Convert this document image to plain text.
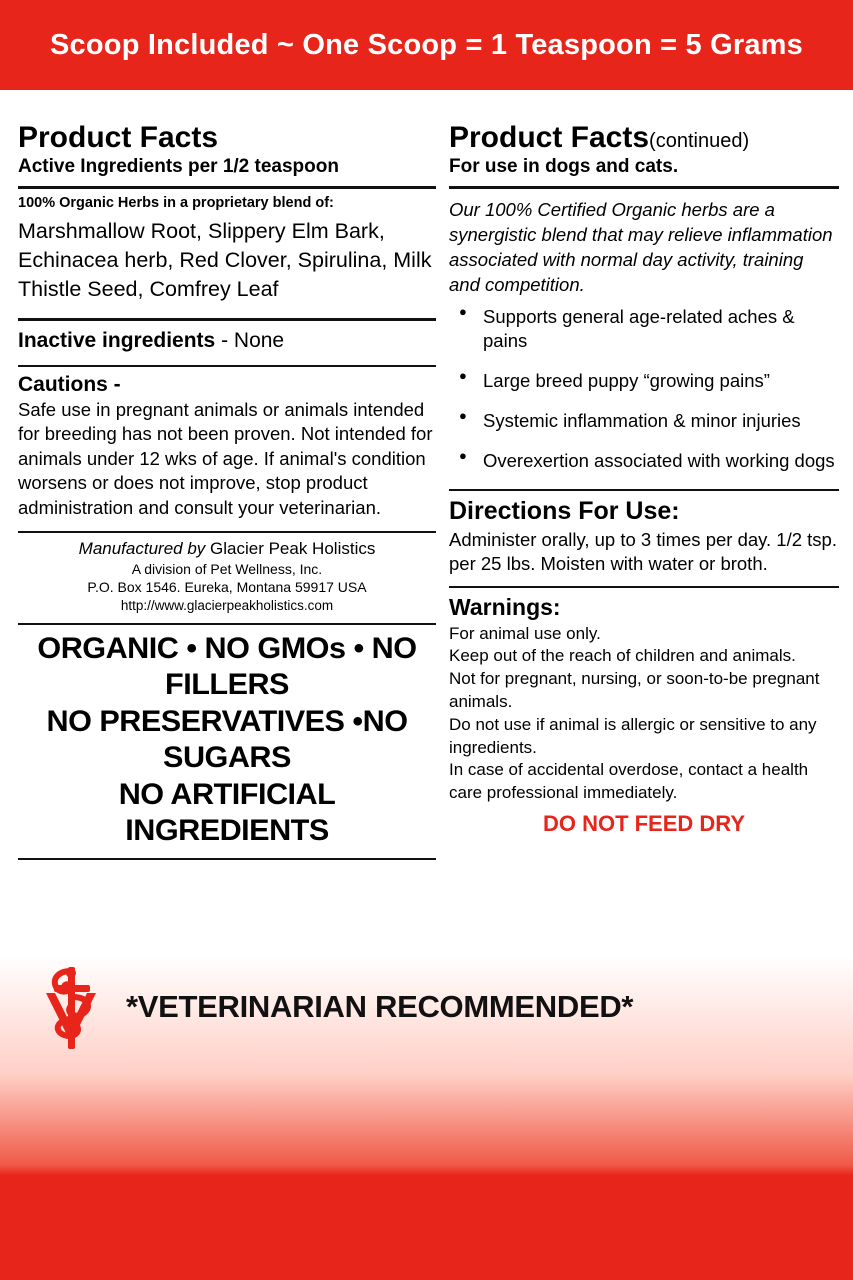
Scoop Included ~ One Scoop = 1 Teaspoon = 5 Grams
Product Facts
Active Ingredients per 1/2 teaspoon
100% Organic Herbs in a proprietary blend of:
Marshmallow Root, Slippery Elm Bark, Echinacea herb, Red Clover, Spirulina, Milk Thistle Seed, Comfrey Leaf
Inactive ingredients - None
Cautions -
Safe use in pregnant animals or animals intended for breeding has not been proven. Not intended for animals under 12 wks of age. If animal's condition worsens or does not improve, stop product administration and consult your veterinarian.
Manufactured by Glacier Peak Holistics
A division of Pet Wellness, Inc.
P.O. Box 1546. Eureka, Montana 59917 USA
http://www.glacierpeakholistics.com
ORGANIC • NO GMOs • NO FILLERS
NO PRESERVATIVES •NO SUGARS
NO ARTIFICIAL INGREDIENTS
Product Facts(continued)
For use in dogs and cats.
Our 100% Certified Organic herbs are a synergistic blend that may relieve inflammation associated with normal day activity, training and competition.
● Supports general age-related aches & pains
● Large breed puppy “growing pains”
● Systemic inflammation & minor injuries
● Overexertion associated with working dogs
Directions For Use:
Administer orally, up to 3 times per day. 1/2 tsp. per 25 lbs. Moisten with water or broth.
Warnings:
For animal use only.
Keep out of the reach of children and animals.
Not for pregnant, nursing, or soon-to-be pregnant animals.
Do not use if animal is allergic or sensitive to any ingredients.
In case of accidental overdose, contact a health care professional immediately.
DO NOT FEED DRY
*VETERINARIAN RECOMMENDED*
